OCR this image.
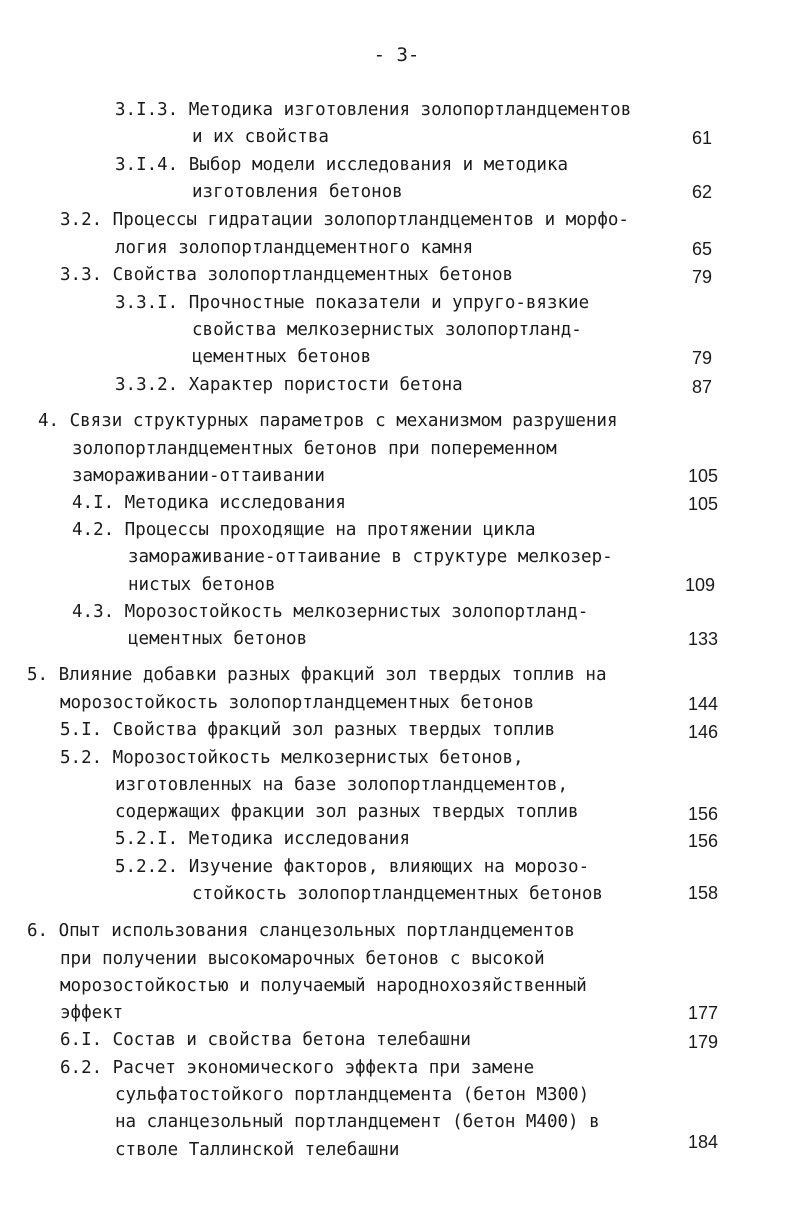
- 3-
3.I.3. Методика изготовления золопортландцементов
и их свойства	61
3.I.4. Выбор модели исследования и методика
изготовления бетонов	62
3.2. Процессы гидратации золопортландцементов и морфо-
логия золопортландцементного камня	65
3.3. Свойства золопортландцементных бетонов	79
3.3.I. Прочностные показатели и упруго-вязкие
свойства мелкозернистых золопортланд-
цементных бетонов	79
3.3.2. Характер пористости бетона	87
4. Связи структурных параметров с механизмом разрушения
золопортландцементных бетонов при попеременном
замораживании-оттаивании	105
4.I. Методика исследования	105
4.2. Процессы проходящие на протяжении цикла
замораживание-оттаивание в структуре мелкозер-
нистых бетонов	109
4.3. Морозостойкость мелкозернистых золопортланд-
цементных бетонов	133
5. Влияние добавки разных фракций зол твердых топлив на
морозостойкость золопортландцементных бетонов	144
5.I. Свойства фракций зол разных твердых топлив	146
5.2. Морозостойкость мелкозернистых бетонов,
изготовленных на базе золопортландцементов,
содержащих фракции зол разных твердых топлив	156
5.2.I. Методика исследования	156
5.2.2. Изучение факторов, влияющих на морозо-
стойкость золопортландцементных бетонов	158
6. Опыт использования сланцезольных портландцементов
при получении высокомарочных бетонов с высокой
морозостойкостью и получаемый народнохозяйственный
эффект	177
6.I. Состав и свойства бетона телебашни	179
6.2. Расчет экономического эффекта при замене
сульфатостойкого портландцемента (бетон М300)
на сланцезольный портландцемент (бетон М400) в
стволе Таллинской телебашни	184
